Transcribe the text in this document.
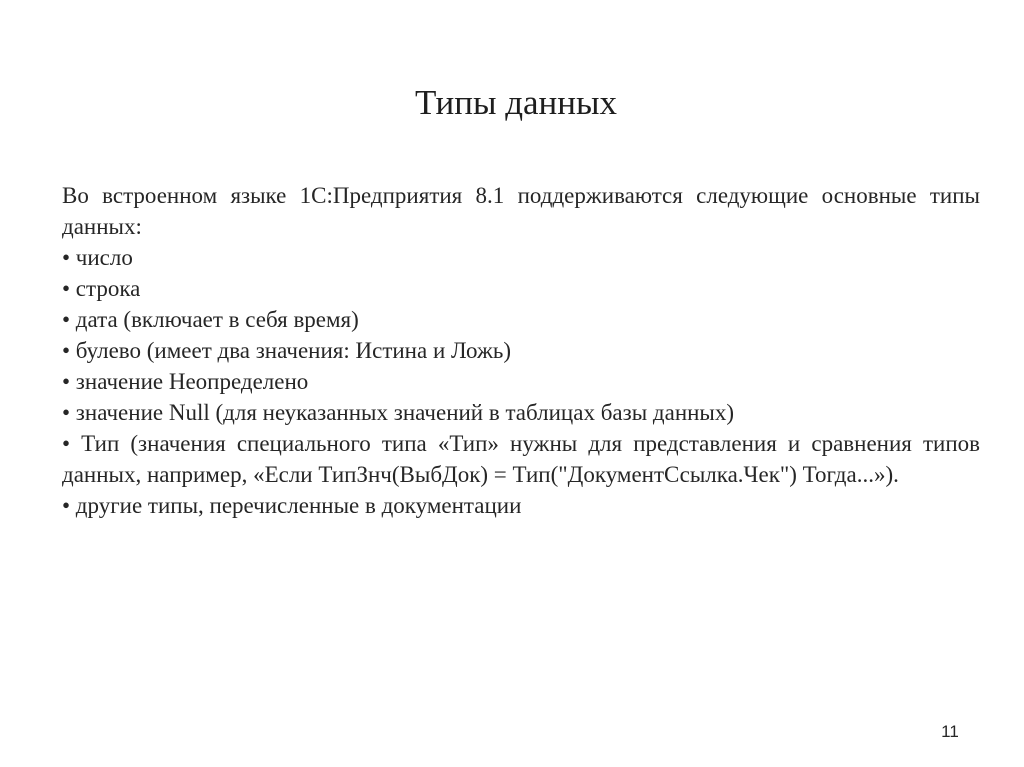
Типы данных

Во встроенном языке 1С:Предприятия 8.1 поддерживаются следующие основные типы данных:

• число
• строка
• дата (включает в себя время)
• булево (имеет два значения: Истина и Ложь)
• значение Неопределено
• значение Null (для неуказанных значений в таблицах базы данных)
• Тип (значения специального типа «Тип» нужны для представления и сравнения типов данных, например, «Если ТипЗнч(ВыбДок) = Тип("ДокументСсылка.Чек") Тогда...»).
• другие типы, перечисленные в документации
11
